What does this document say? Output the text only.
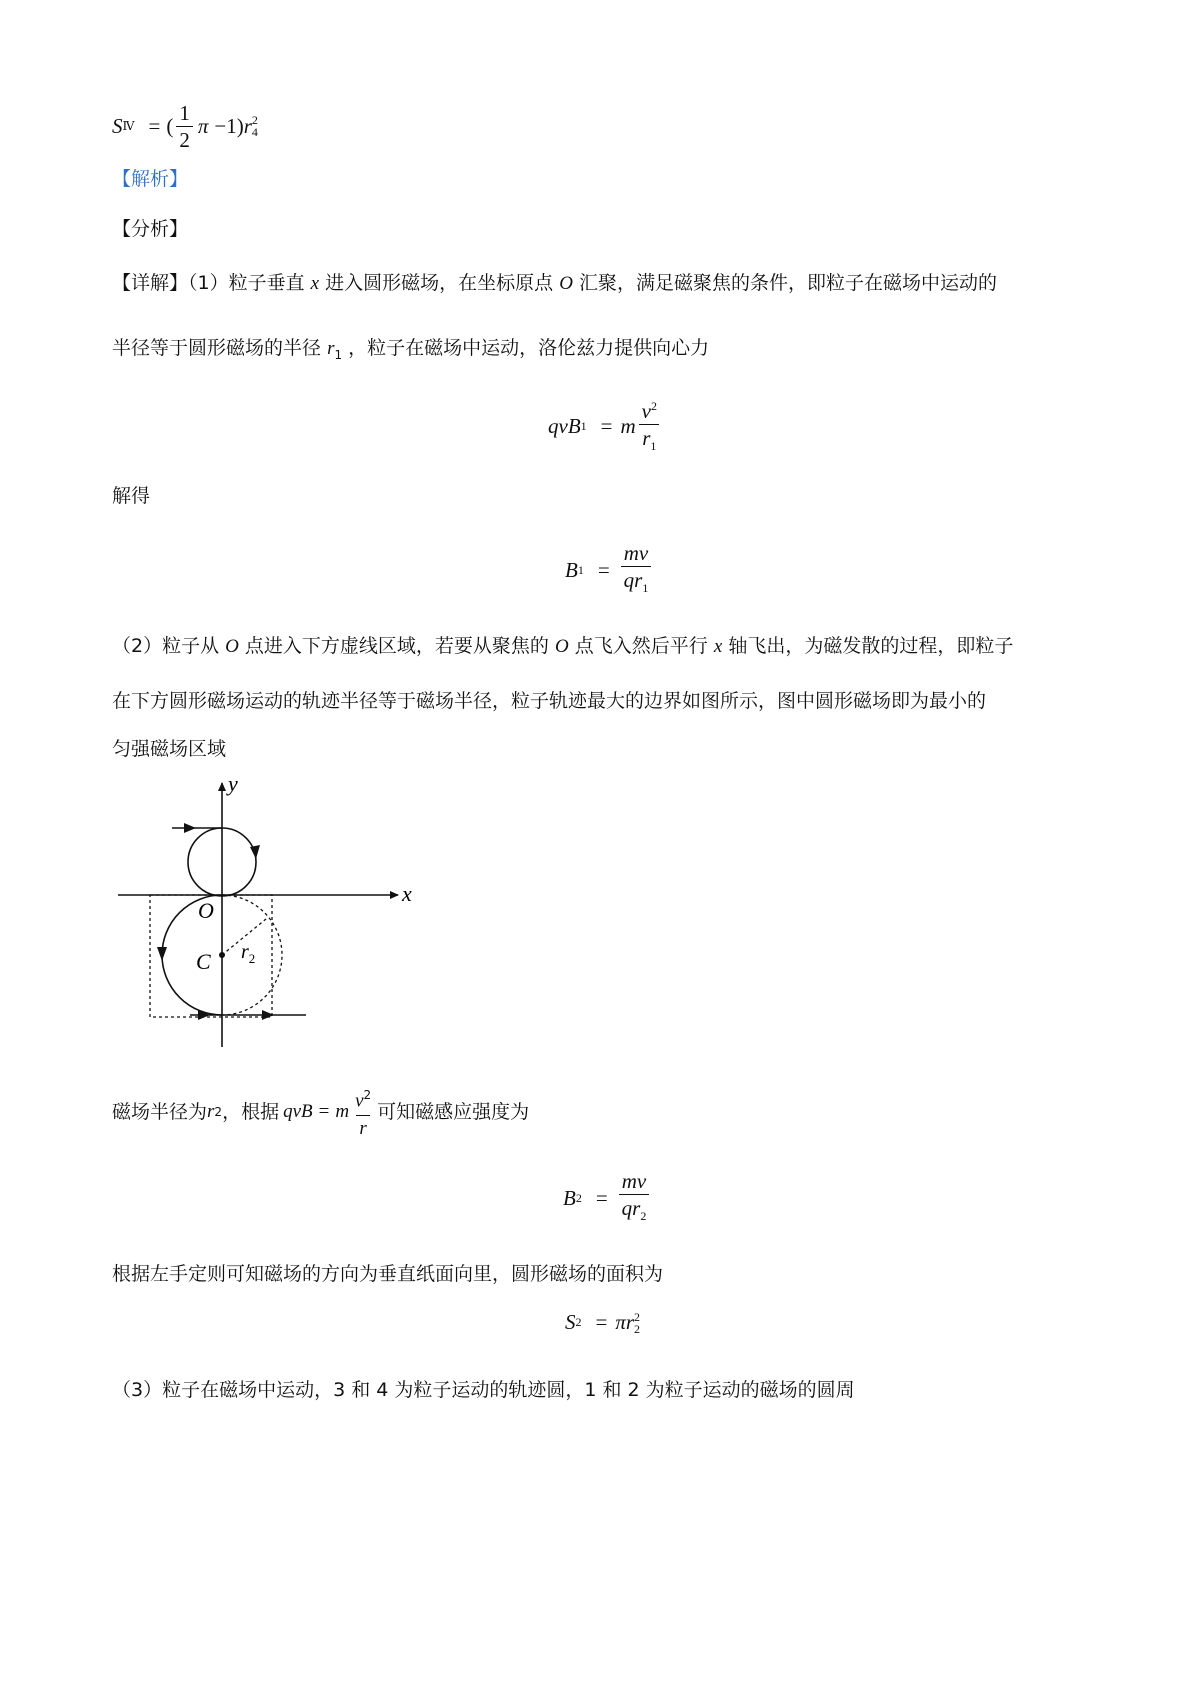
S Ⅳ = ( $\frac{1}{2}$ π −1) r 2
4
【解析】
【分析】
【详解】（1）粒子垂直 x 进入圆形磁场，在坐标原点 O 汇聚，满足磁聚焦的条件，即粒子在磁场中运动的
半径等于圆形磁场的半径 $r_1$ ，粒子在磁场中运动，洛伦兹力提供向心力
qvB 1 = m $\frac{v^2}{r_1}$
解得
B $1 = \frac{mv}{qr_1}$
（2）粒子从 O 点进入下方虚线区域，若要从聚焦的 O 点飞入然后平行 x 轴飞出，为磁发散的过程，即粒子
在下方圆形磁场运动的轨迹半径等于磁场半径，粒子轨迹最大的边界如图所示，图中圆形磁场即为最小的
匀强磁场区域
y
x
O
C $r_2$
磁场半径为 r 2 ，根据 qvB = m $\frac{v^2}{r}$ 可知磁感应强度为
B $2 = \frac{mv}{qr_2}$
根据左手定则可知磁场的方向为垂直纸面向里，圆形磁场的面积为
S 2 = πr 2
2
（3）粒子在磁场中运动，3 和 4 为粒子运动的轨迹圆，1 和 2 为粒子运动的磁场的圆周
